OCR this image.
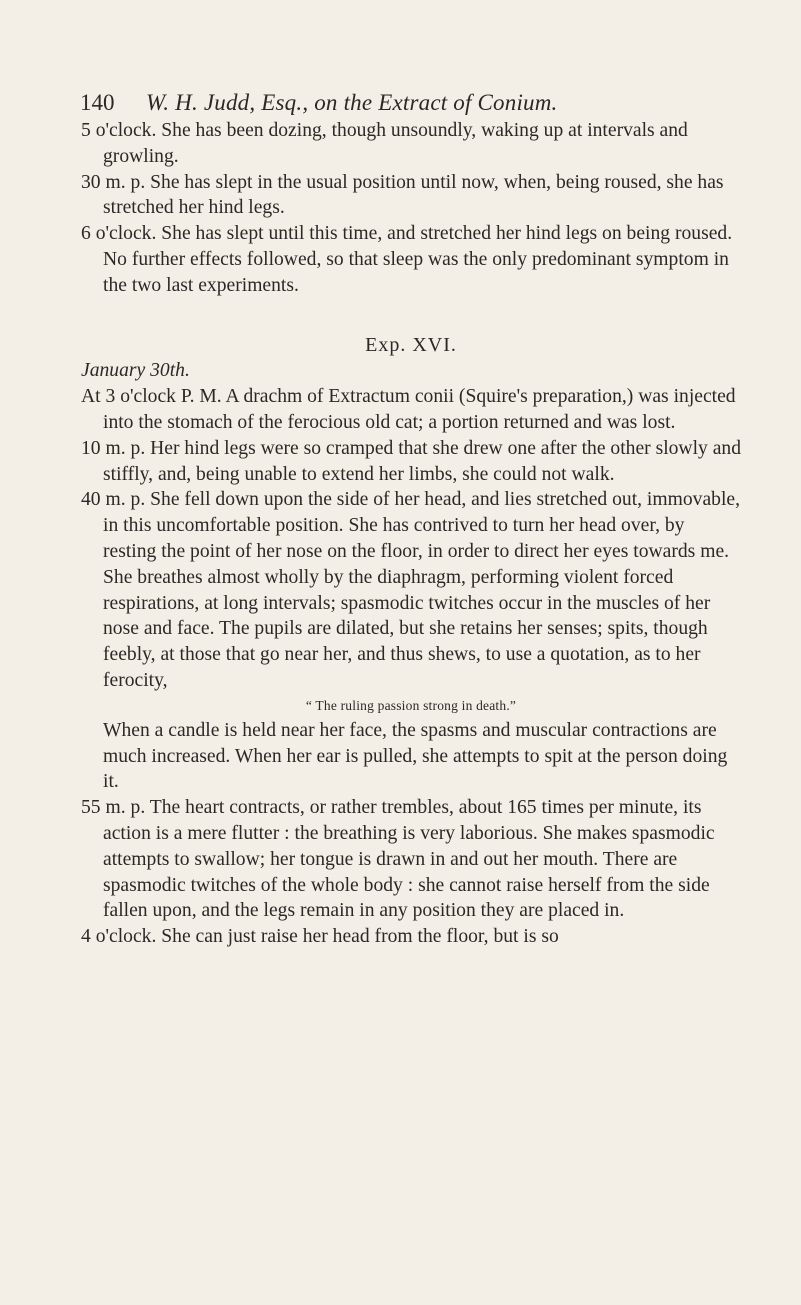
140 W. H. Judd, Esq., on the Extract of Conium.

5 o'clock. She has been dozing, though unsoundly, waking up at intervals and growling.

30 m. p. She has slept in the usual position until now, when, being roused, she has stretched her hind legs.

6 o'clock. She has slept until this time, and stretched her hind legs on being roused. No further effects followed, so that sleep was the only predominant symptom in the two last experiments.

Exp. XVI.

January 30th.

At 3 o'clock P. M. A drachm of Extractum conii (Squire's preparation,) was injected into the stomach of the ferocious old cat; a portion returned and was lost.

10 m. p. Her hind legs were so cramped that she drew one after the other slowly and stiffly, and, being unable to extend her limbs, she could not walk.

40 m. p. She fell down upon the side of her head, and lies stretched out, immovable, in this uncomfortable position. She has contrived to turn her head over, by resting the point of her nose on the floor, in order to direct her eyes towards me. She breathes almost wholly by the diaphragm, performing violent forced respirations, at long intervals; spasmodic twitches occur in the muscles of her nose and face. The pupils are dilated, but she retains her senses; spits, though feebly, at those that go near her, and thus shews, to use a quotation, as to her ferocity,

“ The ruling passion strong in death.”

When a candle is held near her face, the spasms and muscular contractions are much increased. When her ear is pulled, she attempts to spit at the person doing it.

55 m. p. The heart contracts, or rather trembles, about 165 times per minute, its action is a mere flutter : the breathing is very laborious. She makes spasmodic attempts to swallow; her tongue is drawn in and out her mouth. There are spasmodic twitches of the whole body : she cannot raise herself from the side fallen upon, and the legs remain in any position they are placed in.

4 o'clock. She can just raise her head from the floor, but is so
